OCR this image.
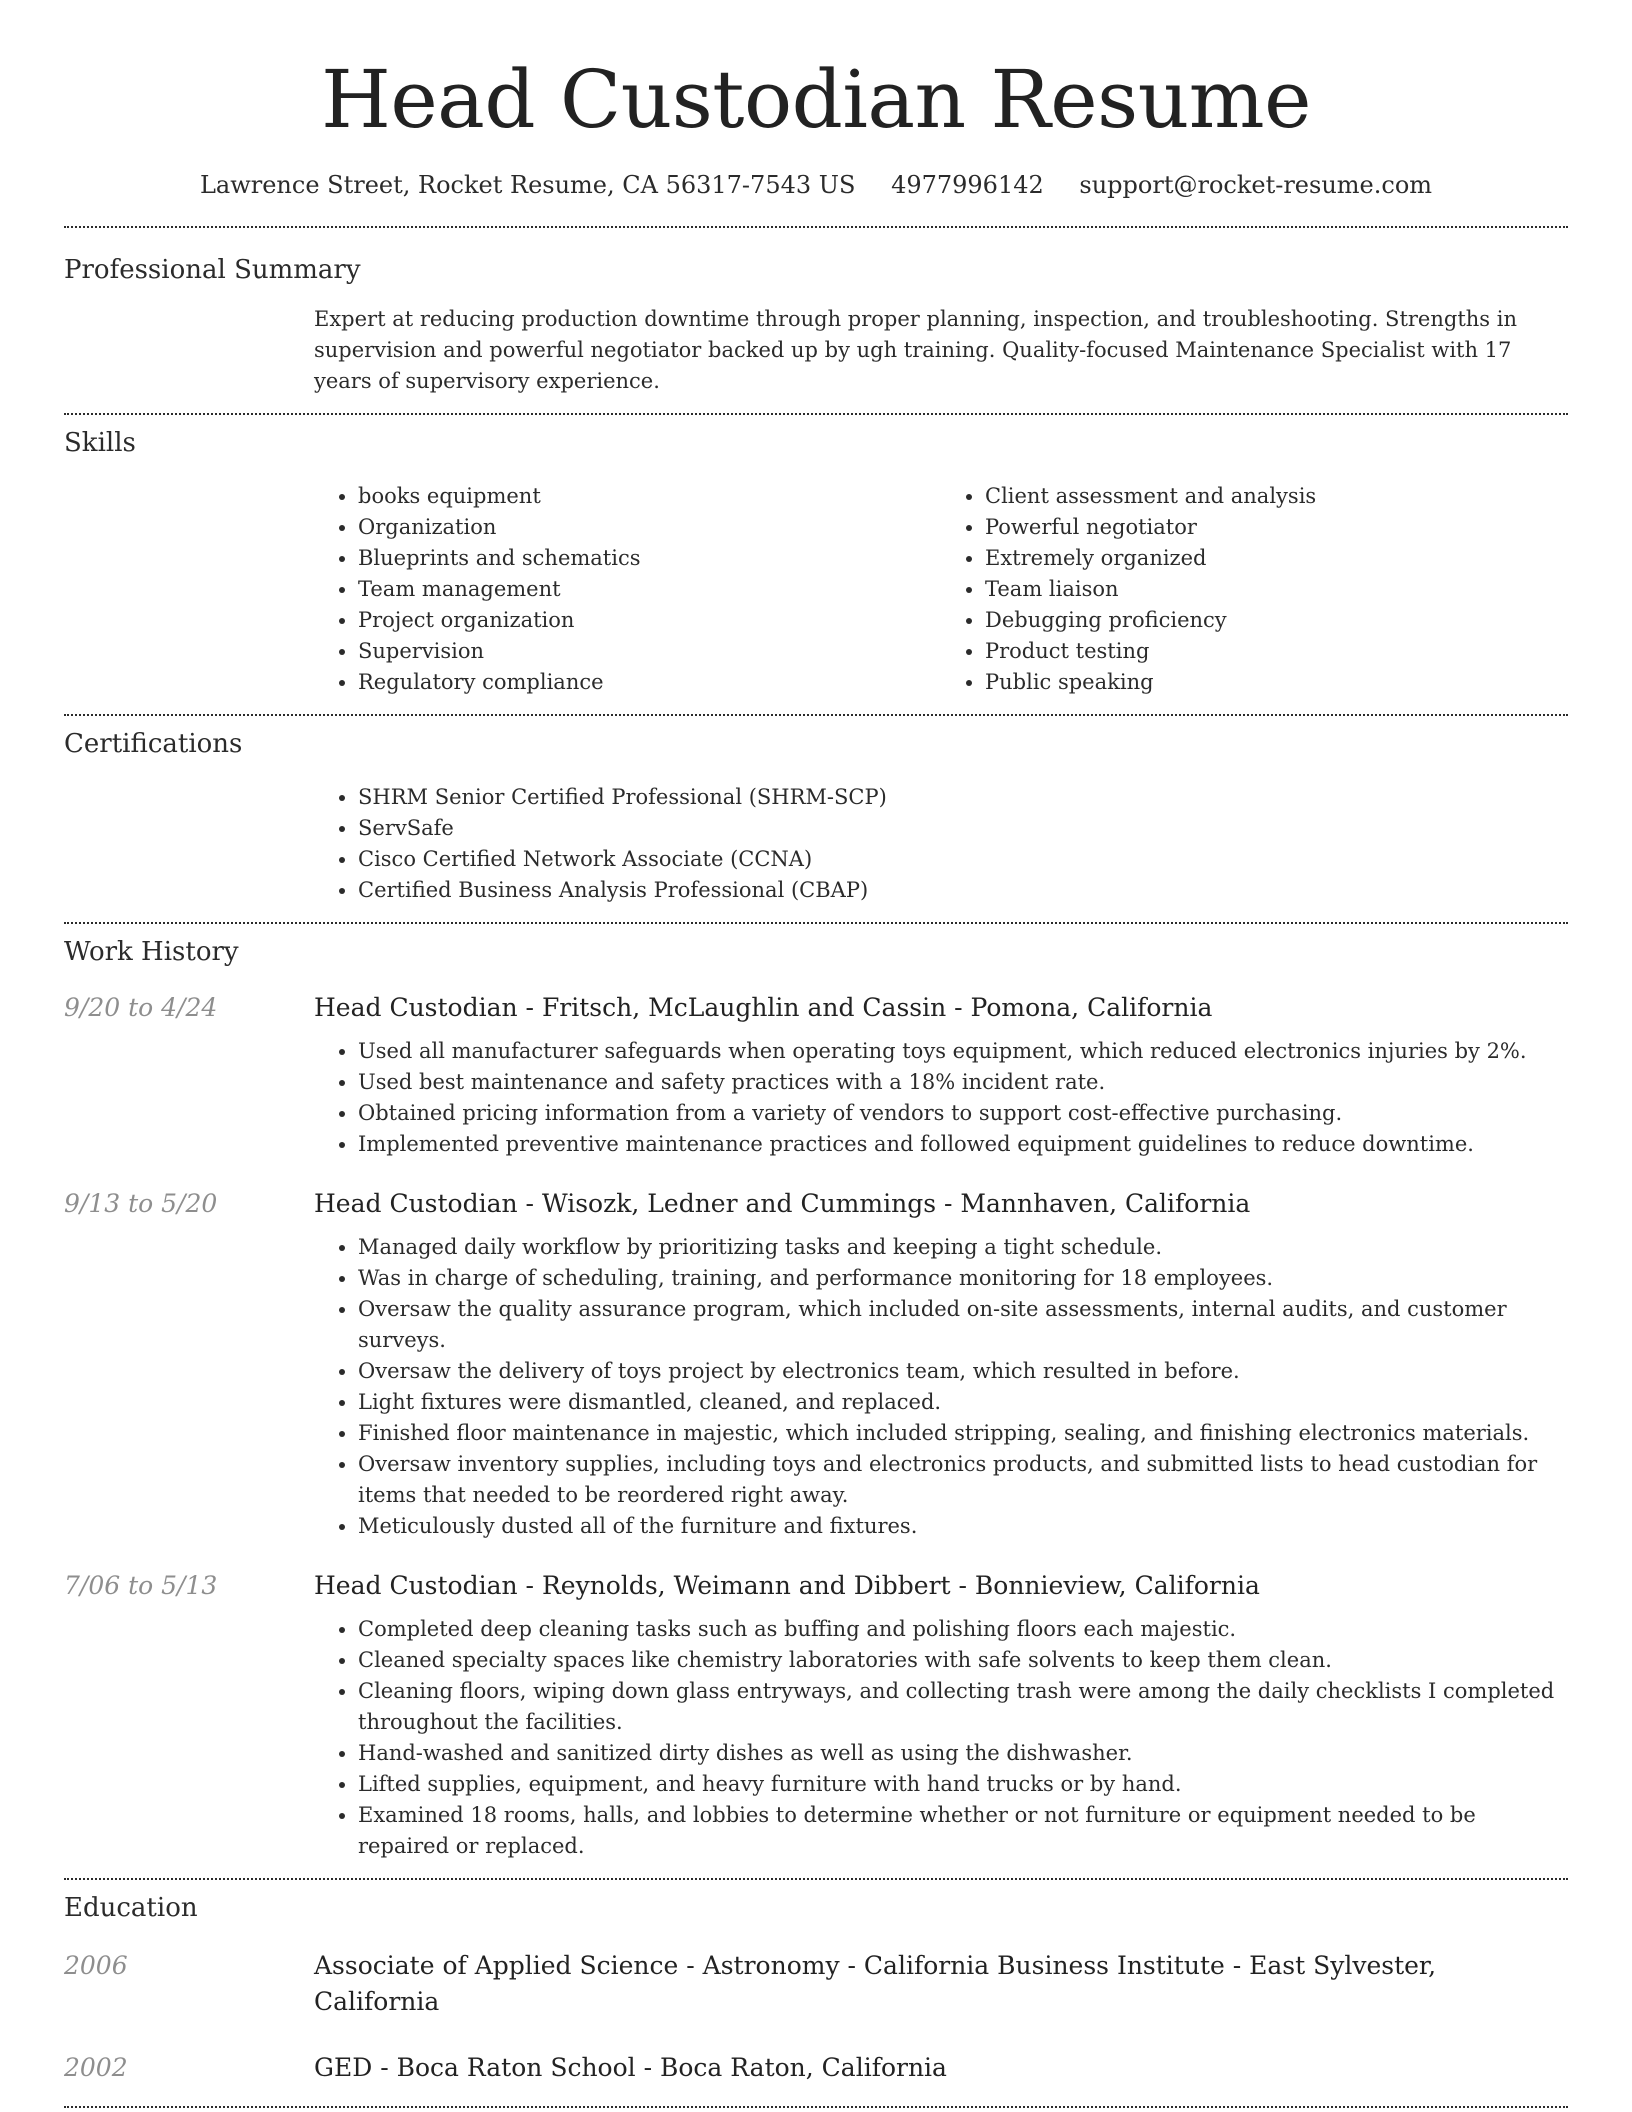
Head Custodian Resume
Lawrence Street, Rocket Resume, CA 56317-7543 US 4977996142 support@rocket-resume.com
Professional Summary

Expert at reducing production downtime through proper planning, inspection, and troubleshooting. Strengths in supervision and powerful negotiator backed up by ugh training. Quality-focused Maintenance Specialist with 17 years of supervisory experience.

Skills
• books equipment
• Organization
• Blueprints and schematics
• Team management
• Project organization
• Supervision
• Regulatory compliance
• Client assessment and analysis
• Powerful negotiator
• Extremely organized
• Team liaison
• Debugging proficiency
• Product testing
• Public speaking
Certifications
• SHRM Senior Certified Professional (SHRM-SCP)
• ServSafe
• Cisco Certified Network Associate (CCNA)
• Certified Business Analysis Professional (CBAP)
Work History
9/20 to 4/24	Head Custodian - Fritsch, McLaughlin and Cassin - Pomona, California
• Used all manufacturer safeguards when operating toys equipment, which reduced electronics injuries by 2%.
• Used best maintenance and safety practices with a 18% incident rate.
• Obtained pricing information from a variety of vendors to support cost-effective purchasing.
• Implemented preventive maintenance practices and followed equipment guidelines to reduce downtime.
9/13 to 5/20	Head Custodian - Wisozk, Ledner and Cummings - Mannhaven, California
• Managed daily workflow by prioritizing tasks and keeping a tight schedule.
• Was in charge of scheduling, training, and performance monitoring for 18 employees.
• Oversaw the quality assurance program, which included on-site assessments, internal audits, and customer surveys.
• Oversaw the delivery of toys project by electronics team, which resulted in before.
• Light fixtures were dismantled, cleaned, and replaced.
• Finished floor maintenance in majestic, which included stripping, sealing, and finishing electronics materials.
• Oversaw inventory supplies, including toys and electronics products, and submitted lists to head custodian for items that needed to be reordered right away.
• Meticulously dusted all of the furniture and fixtures.
7/06 to 5/13	Head Custodian - Reynolds, Weimann and Dibbert - Bonnieview, California
• Completed deep cleaning tasks such as buffing and polishing floors each majestic.
• Cleaned specialty spaces like chemistry laboratories with safe solvents to keep them clean.
• Cleaning floors, wiping down glass entryways, and collecting trash were among the daily checklists I completed throughout the facilities.
• Hand-washed and sanitized dirty dishes as well as using the dishwasher.
• Lifted supplies, equipment, and heavy furniture with hand trucks or by hand.
• Examined 18 rooms, halls, and lobbies to determine whether or not furniture or equipment needed to be repaired or replaced.
Education
2006	Associate of Applied Science - Astronomy - California Business Institute - East Sylvester, California
2002	GED - Boca Raton School - Boca Raton, California
